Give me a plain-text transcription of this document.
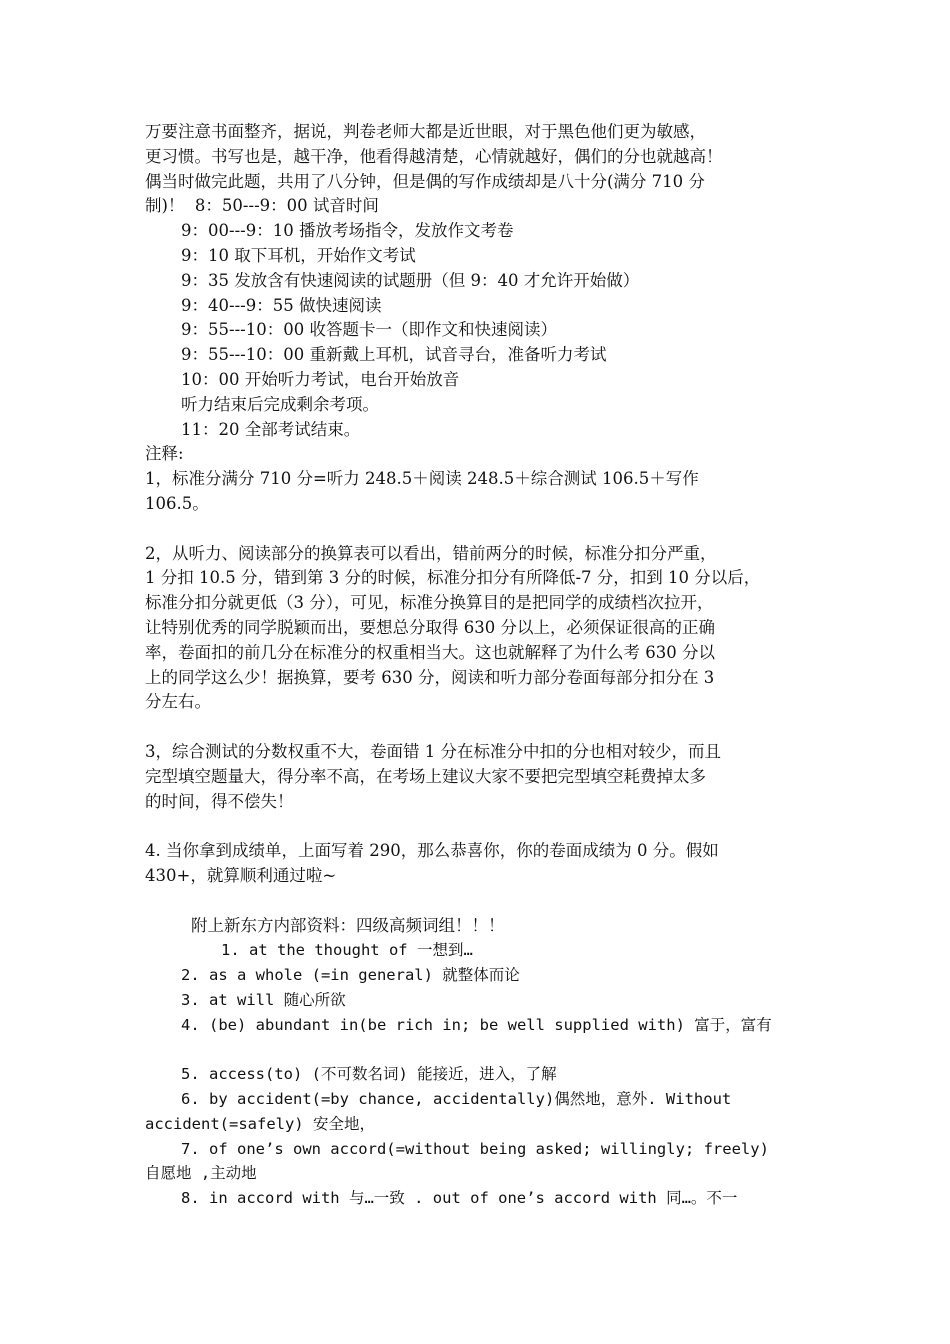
万要注意书面整齐，据说，判卷老师大都是近世眼，对于黑色他们更为敏感，
更习惯。书写也是，越干净，他看得越清楚，心情就越好，偶们的分也就越高！
偶当时做完此题，共用了八分钟，但是偶的写作成绩却是八十分(满分 710 分
制)！  8：50---9：00 试音时间
9：00---9：10 播放考场指令，发放作文考卷
9：10 取下耳机，开始作文考试
9：35 发放含有快速阅读的试题册（但 9：40 才允许开始做）
9：40---9：55 做快速阅读
9：55---10：00 收答题卡一（即作文和快速阅读）
9：55---10：00 重新戴上耳机，试音寻台，准备听力考试
10：00 开始听力考试，电台开始放音
听力结束后完成剩余考项。
11：20 全部考试结束。
注释:
1，标准分满分 710 分=听力 248.5＋阅读 248.5＋综合测试 106.5＋写作
106.5。
2，从听力、阅读部分的换算表可以看出，错前两分的时候，标准分扣分严重，
1 分扣 10.5 分，错到第 3 分的时候，标准分扣分有所降低-7 分，扣到 10 分以后，
标准分扣分就更低（3 分），可见，标准分换算目的是把同学的成绩档次拉开，
让特别优秀的同学脱颖而出，要想总分取得 630 分以上，必须保证很高的正确
率，卷面扣的前几分在标准分的权重相当大。这也就解释了为什么考 630 分以
上的同学这么少！据换算，要考 630 分，阅读和听力部分卷面每部分扣分在 3
分左右。
3，综合测试的分数权重不大，卷面错 1 分在标准分中扣的分也相对较少，而且
完型填空题量大，得分率不高，在考场上建议大家不要把完型填空耗费掉太多
的时间，得不偿失！
4. 当你拿到成绩单，上面写着 290，那么恭喜你，你的卷面成绩为 0 分。假如
430+，就算顺利通过啦~
附上新东方内部资料：四级高频词组！！！
1. at the thought of 一想到…
2. as a whole (=in general) 就整体而论
3. at will 随心所欲
4. (be) abundant in(be rich in; be well supplied with) 富于，富有
5. access(to) (不可数名词) 能接近，进入，了解
6. by accident(=by chance, accidentally)偶然地，意外. Without
accident(=safely) 安全地，
7. of one’s own accord(=without being asked; willingly; freely)
自愿地 ,主动地
8. in accord with 与…一致 . out of one’s accord with 同…。不一
